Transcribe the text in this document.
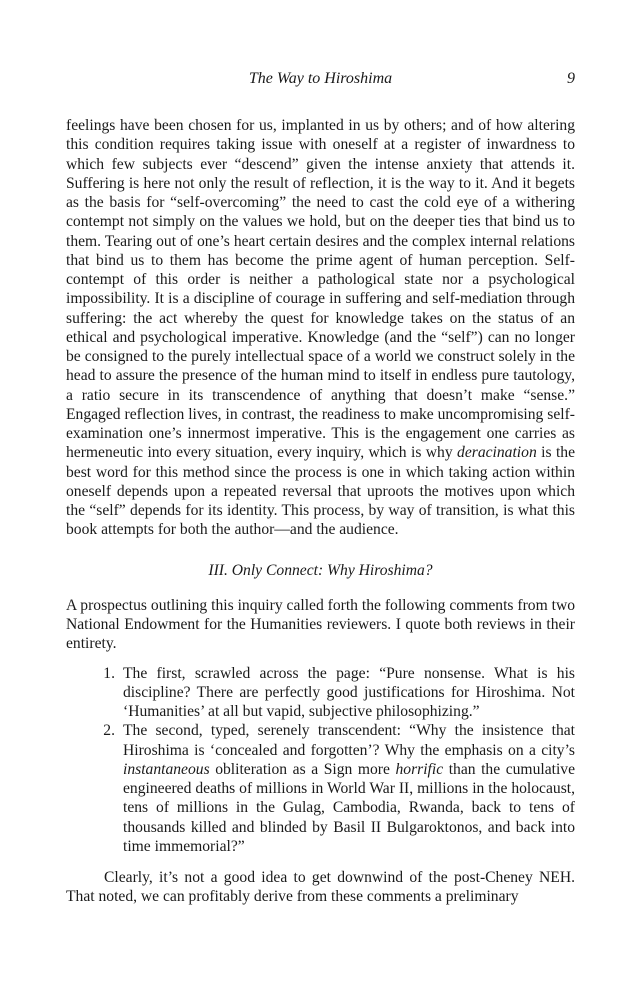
The Way to Hiroshima	9

feelings have been chosen for us, implanted in us by others; and of how altering this condition requires taking issue with oneself at a register of inwardness to which few subjects ever “descend” given the intense anxiety that attends it. Suffering is here not only the result of reflection, it is the way to it. And it begets as the basis for “self-overcoming” the need to cast the cold eye of a withering contempt not simply on the values we hold, but on the deeper ties that bind us to them. Tearing out of one’s heart certain desires and the complex internal relations that bind us to them has become the prime agent of human perception. Self-contempt of this order is neither a pathological state nor a psychological impossibility. It is a discipline of courage in suffering and self-mediation through suffering: the act whereby the quest for knowledge takes on the status of an ethical and psychological imperative. Knowledge (and the “self”) can no longer be consigned to the purely intellectual space of a world we construct solely in the head to assure the presence of the human mind to itself in endless pure tautology, a ratio secure in its transcendence of anything that doesn’t make “sense.” Engaged reflection lives, in contrast, the readiness to make uncompromising self-examination one’s innermost imperative. This is the engagement one carries as hermeneutic into every situation, every inquiry, which is why deracination is the best word for this method since the process is one in which taking action within oneself depends upon a repeated reversal that uproots the motives upon which the “self” depends for its identity. This process, by way of transition, is what this book attempts for both the author—and the audience.

III. Only Connect: Why Hiroshima?

A prospectus outlining this inquiry called forth the following comments from two National Endowment for the Humanities reviewers. I quote both reviews in their entirety.

1. The first, scrawled across the page: “Pure nonsense. What is his discipline? There are perfectly good justifications for Hiroshima. Not ‘Humanities’ at all but vapid, subjective philosophizing.”
2. The second, typed, serenely transcendent: “Why the insistence that Hiroshima is ‘concealed and forgotten’? Why the emphasis on a city’s instantaneous obliteration as a Sign more horrific than the cumulative engineered deaths of millions in World War II, millions in the holocaust, tens of millions in the Gulag, Cambodia, Rwanda, back to tens of thousands killed and blinded by Basil II Bulgaroktonos, and back into time immemorial?”

Clearly, it’s not a good idea to get downwind of the post-Cheney NEH. That noted, we can profitably derive from these comments a preliminary
